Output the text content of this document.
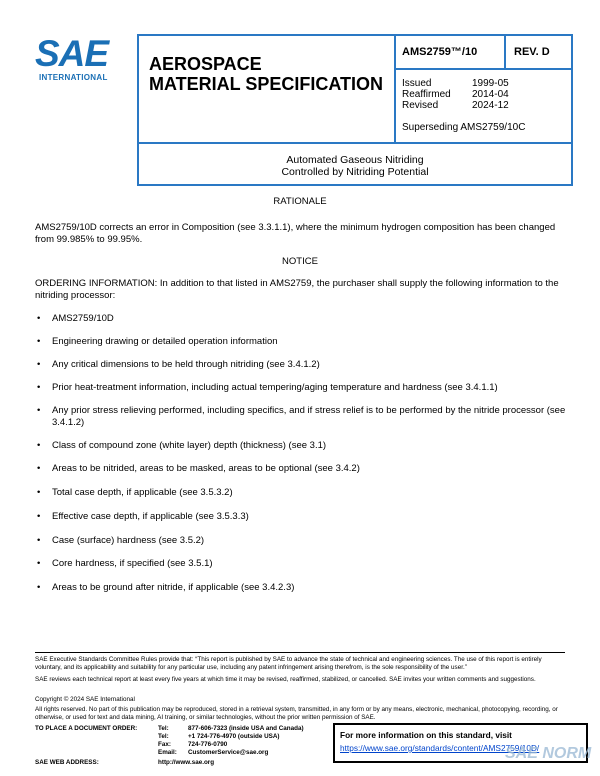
SAE
INTERNATIONAL
AEROSPACE
MATERIAL SPECIFICATION
AMS2759™/10	REV. D
Issued	1999-05
Reaffirmed 2014-04
Revised	2024-12
Superseding AMS2759/10C
Automated Gaseous Nitriding
Controlled by Nitriding Potential
RATIONALE
AMS2759/10D corrects an error in Composition (see 3.3.1.1), where the minimum hydrogen composition has been changed from 99.985% to 99.95%.
NOTICE
ORDERING INFORMATION: In addition to that listed in AMS2759, the purchaser shall supply the following information to the nitriding processor:
• AMS2759/10D
• Engineering drawing or detailed operation information
• Any critical dimensions to be held through nitriding (see 3.4.1.2)
• Prior heat-treatment information, including actual tempering/aging temperature and hardness (see 3.4.1.1)
• Any prior stress relieving performed, including specifics, and if stress relief is to be performed by the nitride processor (see 3.4.1.2)
• Class of compound zone (white layer) depth (thickness) (see 3.1)
• Areas to be nitrided, areas to be masked, areas to be optional (see 3.4.2)
• Total case depth, if applicable (see 3.5.3.2)
• Effective case depth, if applicable (see 3.5.3.3)
• Case (surface) hardness (see 3.5.2)
• Core hardness, if specified (see 3.5.1)
• Areas to be ground after nitride, if applicable (see 3.4.2.3)
SAE Executive Standards Committee Rules provide that: “This report is published by SAE to advance the state of technical and engineering sciences. The use of this report is entirely voluntary, and its applicability and suitability for any particular use, including any patent infringement arising therefrom, is the sole responsibility of the user.”
SAE reviews each technical report at least every five years at which time it may be revised, reaffirmed, stabilized, or cancelled. SAE invites your written comments and suggestions.
Copyright © 2024 SAE International
All rights reserved. No part of this publication may be reproduced, stored in a retrieval system, transmitted, in any form or by any means, electronic, mechanical, photocopying, recording, or otherwise, or used for text and data mining, AI training, or similar technologies, without the prior written permission of SAE.
TO PLACE A DOCUMENT ORDER:	Tel:	877-606-7323 (inside USA and Canada)
Tel:	+1 724-776-4970 (outside USA)
Fax:	724-776-0790
Email: CustomerService@sae.org
SAE WEB ADDRESS:	http://www.sae.org
For more information on this standard, visit
https://www.sae.org/standards/content/AMS2759/10D/
SAE NORM
